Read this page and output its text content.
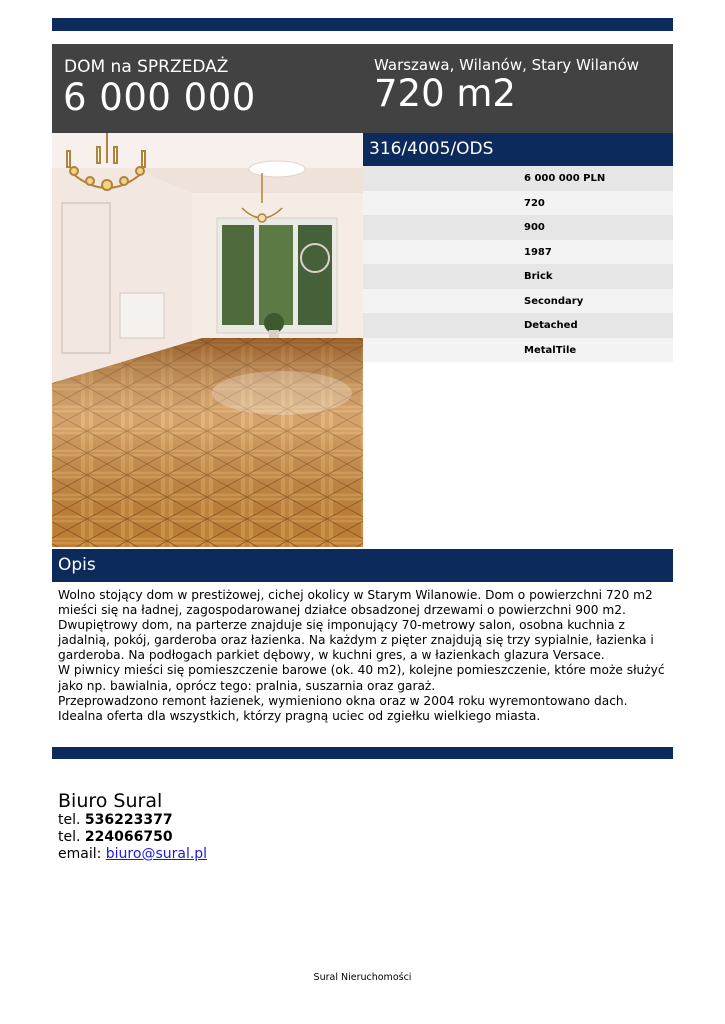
DOM na SPRZEDAŻ
6 000 000
Warszawa, Wilanów, Stary Wilanów
720 m2
316/4005/ODS
6 000 000 PLN
720
900
1987
Brick
Secondary
Detached
MetalTile
Opis

Wolno stojący dom w prestiżowej, cichej okolicy w Starym Wilanowie. Dom o powierzchni 720 m2

mieści się na ładnej, zagospodarowanej działce obsadzonej drzewami o powierzchni 900 m2.

Dwupiętrowy dom, na parterze znajduje się imponujący 70-metrowy salon, osobna kuchnia z

jadalnią, pokój, garderoba oraz łazienka. Na każdym z pięter znajdują się trzy sypialnie, łazienka i

garderoba. Na podłogach parkiet dębowy, w kuchni gres, a w łazienkach glazura Versace.

W piwnicy mieści się pomieszczenie barowe (ok. 40 m2), kolejne pomieszczenie, które może służyć

jako np. bawialnia, oprócz tego: pralnia, suszarnia oraz garaż.

Przeprowadzono remont łazienek, wymieniono okna oraz w 2004 roku wyremontowano dach.

Idealna oferta dla wszystkich, którzy pragną uciec od zgiełku wielkiego miasta.

Biuro Sural
tel. 536223377
tel. 224066750
email: biuro@sural.pl
Sural Nieruchomości
